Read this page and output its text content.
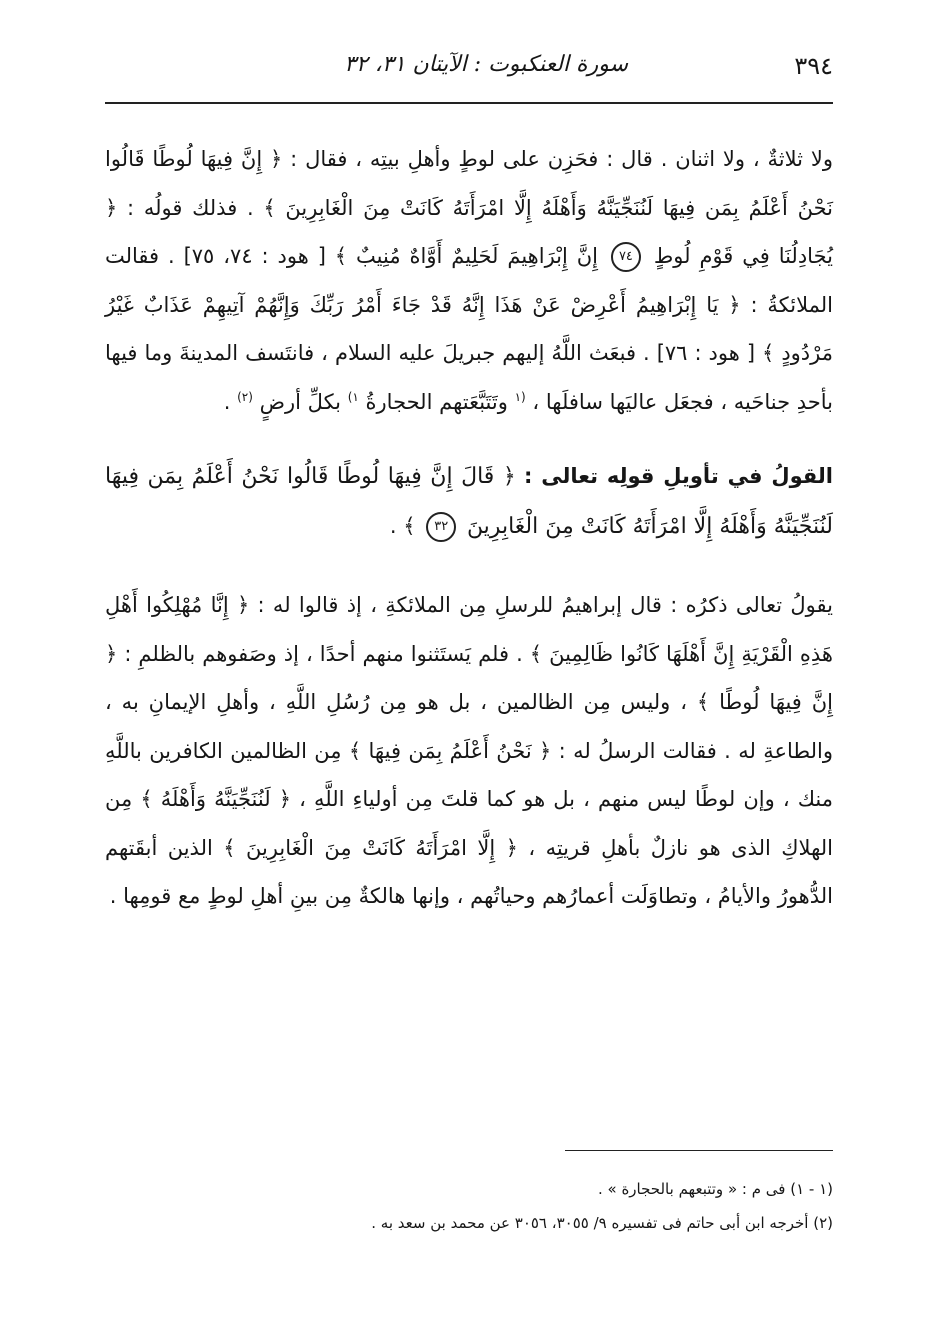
٣٩٤
سورة العنكبوت : الآيتان ٣١، ٣٢

ولا ثلاثةٌ ، ولا اثنان . قال : فحَزِن على لوطٍ وأهلِ بيتِه ، فقال : ﴿ إِنَّ فِيهَا لُوطًا قَالُوا نَحْنُ أَعْلَمُ بِمَن فِيهَا لَنُنَجِّيَنَّهُ وَأَهْلَهُ إِلَّا امْرَأَتَهُ كَانَتْ مِنَ الْغَابِرِينَ ﴾ . فذلك قولُه : ﴿ يُجَادِلُنَا فِي قَوْمِ لُوطٍ ٧٤ إِنَّ إِبْرَاهِيمَ لَحَلِيمٌ أَوَّاهٌ مُنِيبٌ ﴾ [ هود : ٧٤، ٧٥] . فقالت الملائكةُ : ﴿ يَا إِبْرَاهِيمُ أَعْرِضْ عَنْ هَذَا إِنَّهُ قَدْ جَاءَ أَمْرُ رَبِّكَ وَإِنَّهُمْ آتِيهِمْ عَذَابٌ غَيْرُ مَرْدُودٍ ﴾ [ هود : ٧٦] . فبعَث اللَّهُ إليهم جبريلَ عليه السلام ، فانتَسف المدينةَ وما فيها بأحدِ جناحَيه ، فجعَل عاليَها سافلَها ، $^{(١}$ وتَتَبَّعَتهم الحجارةُ $^{١)}$ بكلِّ أرضٍ $^{(٢)}$ .

القولُ في تأويلِ قولِه تعالى : ﴿ قَالَ إِنَّ فِيهَا لُوطًا قَالُوا نَحْنُ أَعْلَمُ بِمَن فِيهَا لَنُنَجِّيَنَّهُ وَأَهْلَهُ إِلَّا امْرَأَتَهُ كَانَتْ مِنَ الْغَابِرِينَ ٣٢ ﴾ .

يقولُ تعالى ذكرُه : قال إبراهيمُ للرسلِ مِن الملائكةِ ، إذ قالوا له : ﴿ إِنَّا مُهْلِكُوا أَهْلِ هَذِهِ الْقَرْيَةِ إِنَّ أَهْلَهَا كَانُوا ظَالِمِينَ ﴾ . فلم يَستَثنوا منهم أحدًا ، إذ وصَفوهم بالظلمِ : ﴿ إِنَّ فِيهَا لُوطًا ﴾ ، وليس مِن الظالمين ، بل هو مِن رُسُلِ اللَّهِ ، وأهلِ الإيمانِ به ، والطاعةِ له . فقالت الرسلُ له : ﴿ نَحْنُ أَعْلَمُ بِمَن فِيهَا ﴾ مِن الظالمين الكافرين باللَّهِ منك ، وإن لوطًا ليس منهم ، بل هو كما قلتَ مِن أولياءِ اللَّهِ ، ﴿ لَنُنَجِّيَنَّهُ وَأَهْلَهُ ﴾ مِن الهلاكِ الذى هو نازلٌ بأهلِ قريتِه ، ﴿ إِلَّا امْرَأَتَهُ كَانَتْ مِنَ الْغَابِرِينَ ﴾ الذين أبقَتهم الدُّهورُ والأيامُ ، وتطاوَلَت أعمارُهم وحياتُهم ، وإنها هالكةٌ مِن بينِ أهلِ لوطٍ مع قومِها .

(١ - ١) فى م : « وتتبعهم بالحجارة » .

(٢) أخرجه ابن أبى حاتم فى تفسيره ٩/ ٣٠٥٥، ٣٠٥٦ عن محمد بن سعد به .
